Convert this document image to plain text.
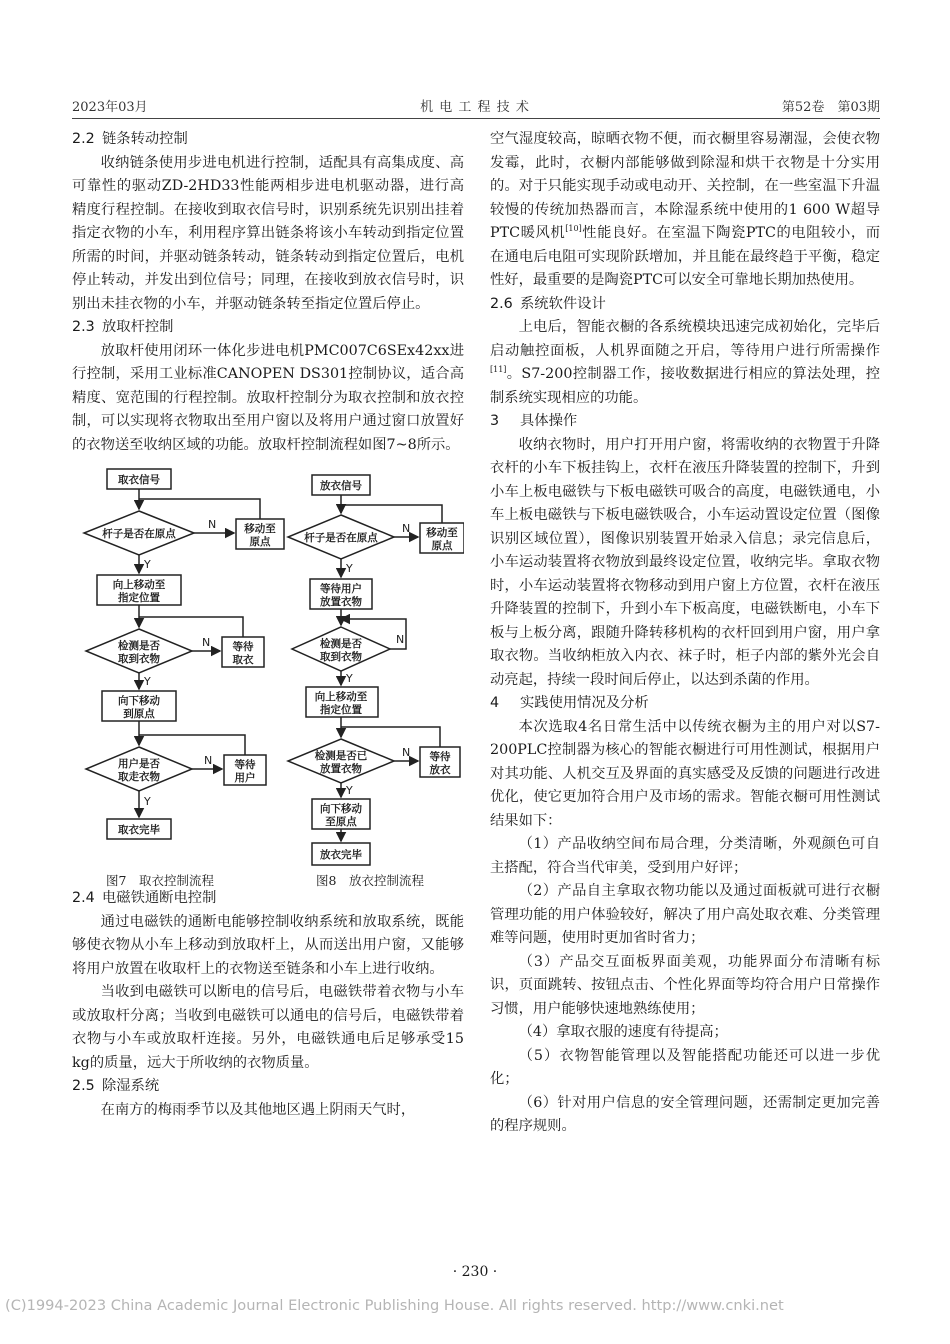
2023年03月	机 电 工 程 技 术	第52卷　第03期
2.2 链条转动控制

收纳链条使用步进电机进行控制，适配具有高集成度、高可靠性的驱动ZD-2HD33性能两相步进电机驱动器，进行高精度行程控制。在接收到取衣信号时，识别系统先识别出挂着指定衣物的小车，利用程序算出链条将该小车转动到指定位置所需的时间，并驱动链条转动，链条转动到指定位置后，电机停止转动，并发出到位信号；同理，在接收到放衣信号时，识别出未挂衣物的小车，并驱动链条转至指定位置后停止。

2.3 放取杆控制

放取杆使用闭环一体化步进电机PMC007C6SEx42xx进行控制，采用工业标准CANOPEN DS301控制协议，适合高精度、宽范围的行程控制。放取杆控制分为取衣控制和放衣控制，可以实现将衣物取出至用户窗以及将用户通过窗口放置好的衣物送至收纳区域的功能。放取杆控制流程如图7~8所示。

取衣信号
杆子是否在原点	移动至
原点
向上移动至
指定位置
检测是否
取到衣物
等待
取衣
向下移动
到原点
用户是否
取走衣物
等待
用户
取衣完毕
N
Y
N
Y
N
Y
放衣信号
杆子是否在原点	移动至
原点
等待用户
放置衣物
检测是否
取到衣物
向上移动至
指定位置
检测是否已
放置衣物
等待
放衣
向下移动
至原点
放衣完毕
N
Y
N
Y
N
Y
图7　取衣控制流程	图8　放衣控制流程
2.4 电磁铁通断电控制

通过电磁铁的通断电能够控制收纳系统和放取系统，既能够使衣物从小车上移动到放取杆上，从而送出用户窗，又能够将用户放置在收取杆上的衣物送至链条和小车上进行收纳。

当收到电磁铁可以断电的信号后，电磁铁带着衣物与小车或放取杆分离；当收到电磁铁可以通电的信号后，电磁铁带着衣物与小车或放取杆连接。另外，电磁铁通电后足够承受15 kg的质量，远大于所收纳的衣物质量。

2.5 除湿系统

在南方的梅雨季节以及其他地区遇上阴雨天气时，

空气湿度较高，晾晒衣物不便，而衣橱里容易潮湿，会使衣物发霉，此时，衣橱内部能够做到除湿和烘干衣物是十分实用的。对于只能实现手动或电动开、关控制，在一些室温下升温较慢的传统加热器而言，本除湿系统中使用的1 600 W超导PTC暖风机[10]性能良好。在室温下陶瓷PTC的电阻较小，而在通电后电阻可实现阶跃增加，并且能在最终趋于平衡，稳定性好，最重要的是陶瓷PTC可以安全可靠地长期加热使用。

2.6 系统软件设计

上电后，智能衣橱的各系统模块迅速完成初始化，完毕后启动触控面板，人机界面随之开启，等待用户进行所需操作[11]。S7-200控制器工作，接收数据进行相应的算法处理，控制系统实现相应的功能。

3 具体操作

收纳衣物时，用户打开用户窗，将需收纳的衣物置于升降衣杆的小车下板挂钩上，衣杆在液压升降装置的控制下，升到小车上板电磁铁与下板电磁铁可吸合的高度，电磁铁通电，小车上板电磁铁与下板电磁铁吸合，小车运动置设定位置（图像识别区域位置），图像识别装置开始录入信息；录完信息后，小车运动装置将衣物放到最终设定位置，收纳完毕。拿取衣物时，小车运动装置将衣物移动到用户窗上方位置，衣杆在液压升降装置的控制下，升到小车下板高度，电磁铁断电，小车下板与上板分离，跟随升降转移机构的衣杆回到用户窗，用户拿取衣物。当收纳柜放入内衣、袜子时，柜子内部的紫外光会自动亮起，持续一段时间后停止，以达到杀菌的作用。

4 实践使用情况及分析

本次选取4名日常生活中以传统衣橱为主的用户对以S7-200PLC控制器为核心的智能衣橱进行可用性测试，根据用户对其功能、人机交互及界面的真实感受及反馈的问题进行改进优化，使它更加符合用户及市场的需求。智能衣橱可用性测试结果如下：

（1）产品收纳空间布局合理，分类清晰，外观颜色可自主搭配，符合当代审美，受到用户好评；

（2）产品自主拿取衣物功能以及通过面板就可进行衣橱管理功能的用户体验较好，解决了用户高处取衣难、分类管理难等问题，使用时更加省时省力；

（3）产品交互面板界面美观，功能界面分布清晰有标识，页面跳转、按钮点击、个性化界面等均符合用户日常操作习惯，用户能够快速地熟练使用；

（4）拿取衣服的速度有待提高；

（5）衣物智能管理以及智能搭配功能还可以进一步优化；

（6）针对用户信息的安全管理问题，还需制定更加完善的程序规则。

· 230 ·
(C)1994-2023 China Academic Journal Electronic Publishing House. All rights reserved. http://www.cnki.net
